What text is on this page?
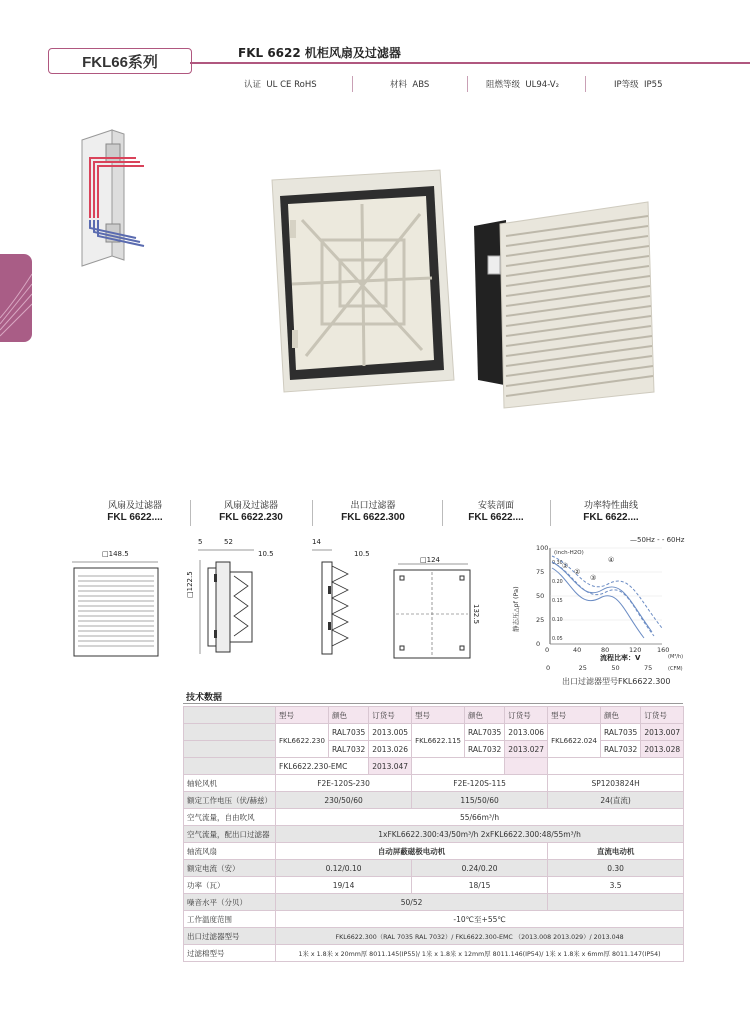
FKL66系列
FKL 6622 机柜风扇及过滤器
认证 UL CE RoHS	材料 ABS	阻燃等级 UL94-V₂	IP等级 IP55
风扇及过滤器
FKL 6622....
风扇及过滤器
FKL 6622.230
出口过滤器
FKL 6622.300
安装剖面
FKL 6622....
功率特性曲线
FKL 6622....
□148.5
5	52
10.5
□122.5
14
10.5
□124
132.5
—50Hz - - 60Hz
静态压△pf (Pa)
(inch-H2O)
100
75
50
25
0
0.30
0.20
0.15
0.10
0.05
0	40	80	120 160
0	25	50	75
①
②
③
④
流程比率：V	(M³/h)
(CFM)
出口过滤器型号FKL6622.300
技术数据
	型号	颜色	订货号	型号	颜色	订货号	型号	颜色	订货号
	FKL6622.230	RAL7035	2013.005	FKL6622.115	RAL7035	2013.006	FKL6622.024	RAL7035	2013.007
		RAL7032	2013.026		RAL7032	2013.027		RAL7032	2013.028
	FKL6622.230-EMC		2013.047						
轴轮风机	F2E-120S-230			F2E-120S-115			SP1203824H		
额定工作电压（伏/赫兹）	230/50/60			115/50/60			24(直流)		
空气流量，自由吹风	55/66m³/h								
空气流量，配出口过滤器	1xFKL6622.300:43/50m³/h 2xFKL6622.300:48/55m³/h								
轴流风扇	自动屏蔽磁极电动机						直流电动机		
额定电流（安）	0.12/0.10			0.24/0.20			0.30		
功率（瓦）	19/14			18/15			3.5		
噪音水平（分贝）	50/52								
工作温度范围	-10℃至+55℃								
出口过滤器型号	FKL6622.300（RAL 7035 RAL 7032）/ FKL6622.300-EMC （2013.008 2013.029）/ 2013.048								
过滤棉型号	1米 x 1.8米 x 20mm厚 8011.145(IP55)/ 1米 x 1.8米 x 12mm厚 8011.146(IP54)/ 1米 x 1.8米 x 6mm厚 8011.147(IP54)								
